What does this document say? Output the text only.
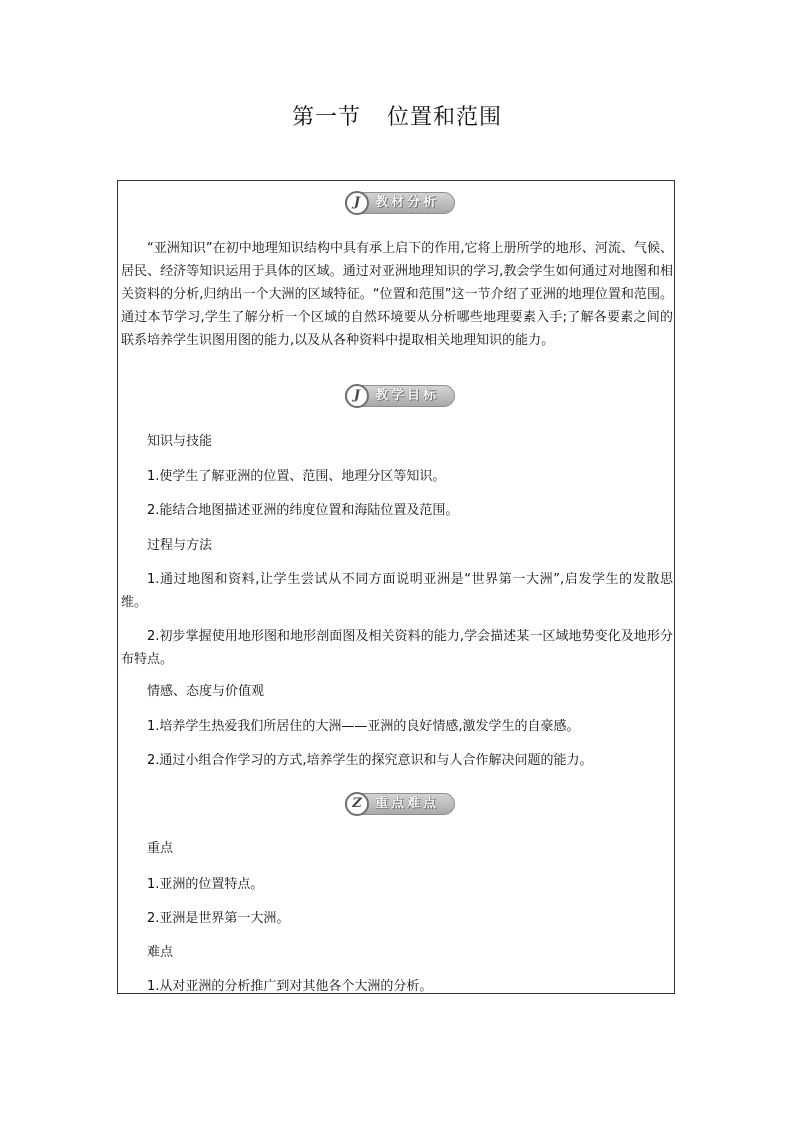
第一节 位置和范围
J	教材分析

“亚洲知识”在初中地理知识结构中具有承上启下的作用,它将上册所学的地形、河流、气候、居民、经济等知识运用于具体的区域。通过对亚洲地理知识的学习,教会学生如何通过对地图和相关资料的分析,归纳出一个大洲的区域特征。“位置和范围”这一节介绍了亚洲的地理位置和范围。通过本节学习,学生了解分析一个区域的自然环境要从分析哪些地理要素入手;了解各要素之间的联系培养学生识图用图的能力,以及从各种资料中提取相关地理知识的能力。

J	教学目标

知识与技能

1.使学生了解亚洲的位置、范围、地理分区等知识。

2.能结合地图描述亚洲的纬度位置和海陆位置及范围。

过程与方法

1.通过地图和资料,让学生尝试从不同方面说明亚洲是“世界第一大洲”,启发学生的发散思维。

2.初步掌握使用地形图和地形剖面图及相关资料的能力,学会描述某一区域地势变化及地形分布特点。

情感、态度与价值观

1.培养学生热爱我们所居住的大洲——亚洲的良好情感,激发学生的自豪感。

2.通过小组合作学习的方式,培养学生的探究意识和与人合作解决问题的能力。

Z	重点难点

重点

1.亚洲的位置特点。

2.亚洲是世界第一大洲。

难点

1.从对亚洲的分析推广到对其他各个大洲的分析。
